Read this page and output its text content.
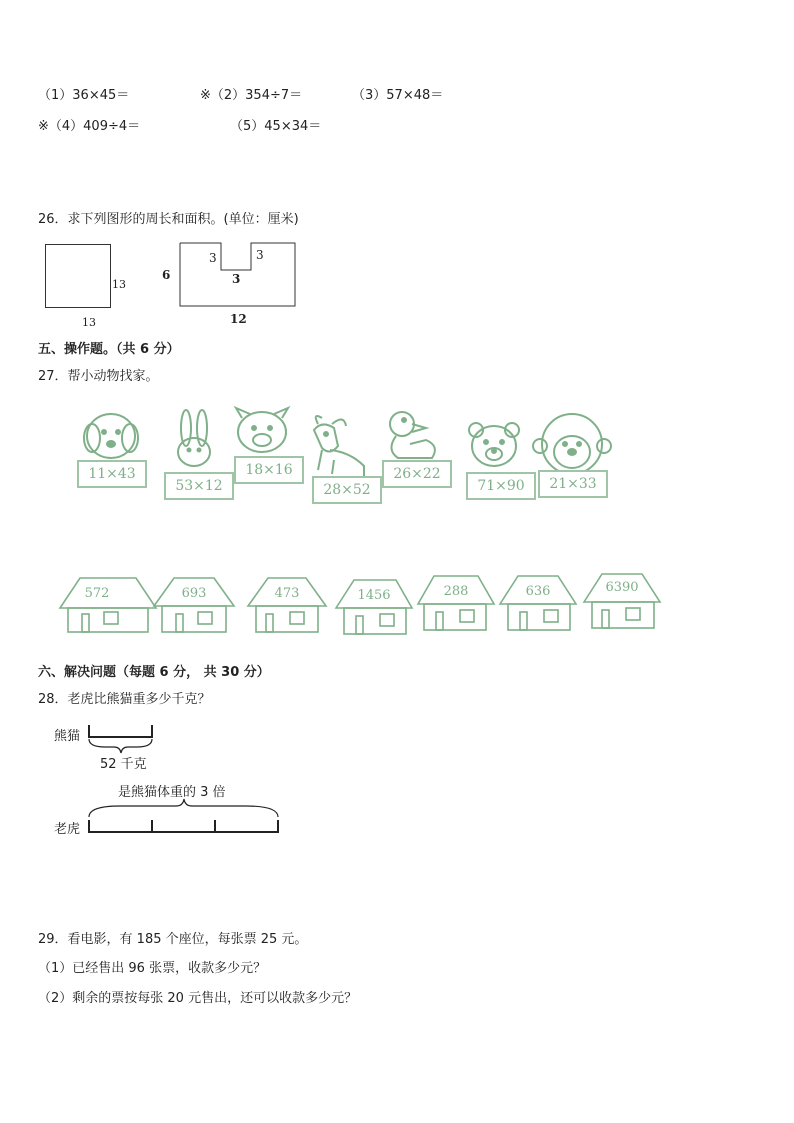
（1）36×45＝	※（2）354÷7＝	（3）57×48＝
※（4）409÷4＝	（5）45×34＝
26．求下列图形的周长和面积。(单位：厘米)
13
13
6
3	3
3
12
五、操作题。（共 6 分）
27．帮小动物找家。
11×43
53×12
18×16
28×52
26×22
71×90	21×33
572	693	473	1456	288	636	6390
六、解决问题（每题 6 分， 共 30 分）
28．老虎比熊猫重多少千克？
熊猫
52 千克
是熊猫体重的 3 倍
老虎
29．看电影，有 185 个座位，每张票 25 元。
（1）已经售出 96 张票，收款多少元？
（2）剩余的票按每张 20 元售出，还可以收款多少元？
